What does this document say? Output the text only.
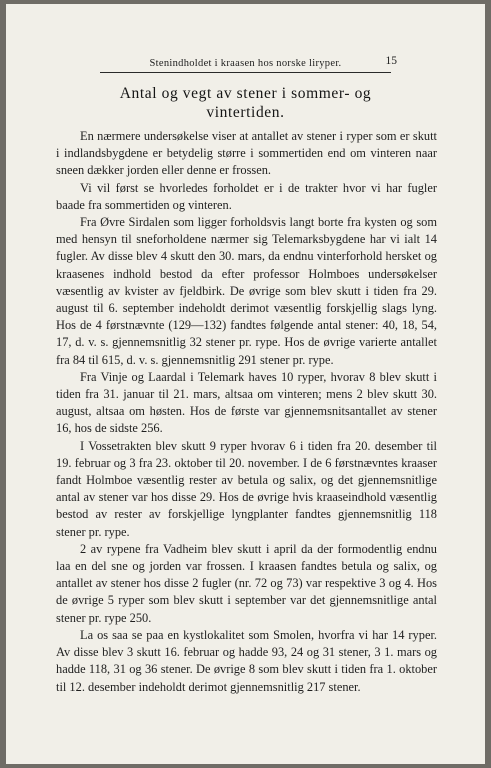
Stenindholdet i kraasen hos norske liryper.	15
Antal og vegt av stener i sommer- og
vintertiden.

En nærmere undersøkelse viser at antallet av stener i ryper som er skutt i indlandsbygdene er betydelig større i sommertiden end om vinteren naar sneen dækker jorden eller denne er frossen.

Vi vil først se hvorledes forholdet er i de trakter hvor vi har fugler baade fra sommertiden og vinteren.

Fra Øvre Sirdalen som ligger forholdsvis langt borte fra kysten og som med hensyn til sneforholdene nærmer sig Telemarksbygdene har vi ialt 14 fugler. Av disse blev 4 skutt den 30. mars, da endnu vinterforhold hersket og kraasenes indhold bestod da efter professor Holmboes undersøkelser væsentlig av kvister av fjeldbirk. De øvrige som blev skutt i tiden fra 29. august til 6. september indeholdt derimot væsentlig forskjellig slags lyng. Hos de 4 førstnævnte (129—132) fandtes følgende antal stener: 40, 18, 54, 17, d. v. s. gjennemsnitlig 32 stener pr. rype. Hos de øvrige varierte antallet fra 84 til 615, d. v. s. gjennemsnitlig 291 stener pr. rype.

Fra Vinje og Laardal i Telemark haves 10 ryper, hvorav 8 blev skutt i tiden fra 31. januar til 21. mars, altsaa om vinteren; mens 2 blev skutt 30. august, altsaa om høsten. Hos de første var gjennemsnitsantallet av stener 16, hos de sidste 256.

I Vossetrakten blev skutt 9 ryper hvorav 6 i tiden fra 20. desember til 19. februar og 3 fra 23. oktober til 20. november. I de 6 førstnævntes kraaser fandt Holmboe væsentlig rester av betula og salix, og det gjennemsnitlige antal av stener var hos disse 29. Hos de øvrige hvis kraaseindhold væsentlig bestod av rester av forskjellige lyngplanter fandtes gjennemsnitlig 118 stener pr. rype.

2 av rypene fra Vadheim blev skutt i april da der formodentlig endnu laa en del sne og jorden var frossen. I kraasen fandtes betula og salix, og antallet av stener hos disse 2 fugler (nr. 72 og 73) var respektive 3 og 4. Hos de øvrige 5 ryper som blev skutt i september var det gjennemsnitlige antal stener pr. rype 250.

La os saa se paa en kystlokalitet som Smolen, hvorfra vi har 14 ryper. Av disse blev 3 skutt 16. februar og hadde 93, 24 og 31 stener, 3 1. mars og hadde 118, 31 og 36 stener. De øvrige 8 som blev skutt i tiden fra 1. oktober til 12. desember indeholdt derimot gjennemsnitlig 217 stener.
